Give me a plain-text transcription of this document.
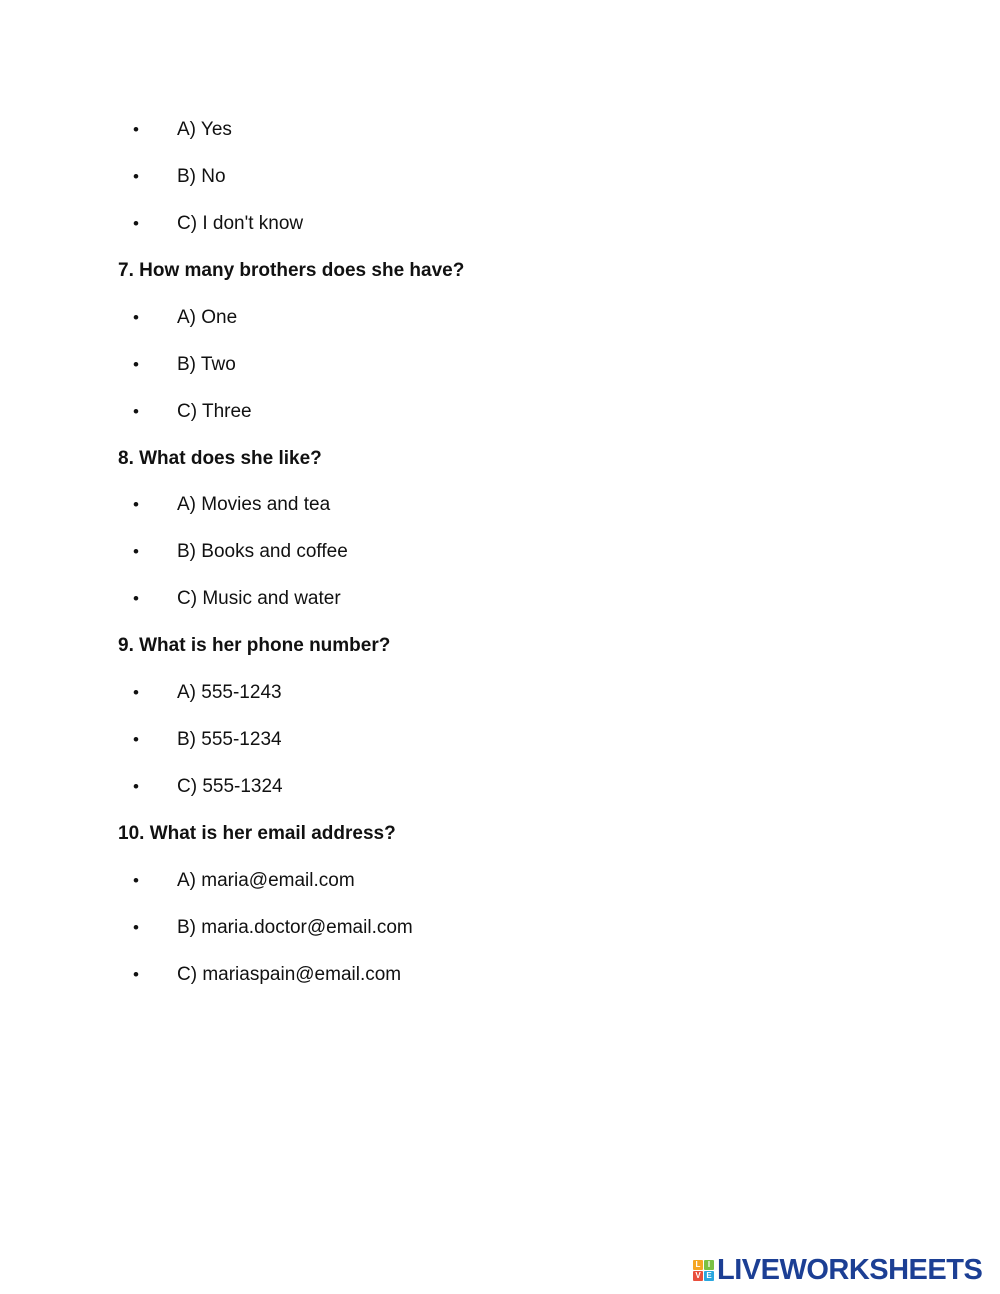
• A) Yes
• B) No
• C) I don't know
7. How many brothers does she have?
• A) One
• B) Two
• C) Three
8. What does she like?
• A) Movies and tea
• B) Books and coffee
• C) Music and water
9. What is her phone number?
• A) 555-1243
• B) 555-1234
• C) 555-1324
10. What is her email address?
• A) maria@email.com
• B) maria.doctor@email.com
• C) mariaspain@email.com
L I
V E LIVEWORKSHEETS
